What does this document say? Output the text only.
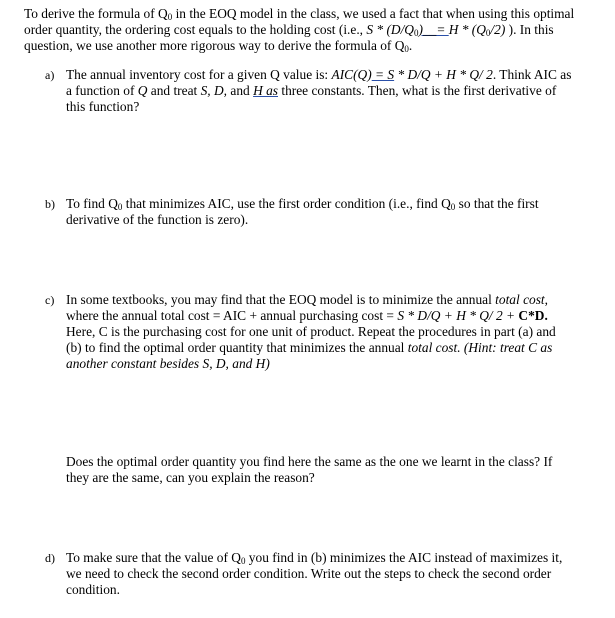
To derive the formula of $Q_0$ in the EOQ model in the class, we used a fact that when using this optimal order quantity, the ordering cost equals to the holding cost (i.e., $S * (D/Q_0)\_\_= H * (Q_0/2)$ ). In this question, we use another more rigorous way to derive the formula of $Q_0$.
a) The annual inventory cost for a given Q value is: AIC(Q) = S * D/Q + H * Q/ 2. Think AIC as a function of Q and treat S, D, and H as three constants. Then, what is the first derivative of this function?
b) To find $Q_0$ that minimizes AIC, use the first order condition (i.e., find $Q_0$ so that the first derivative of the function is zero).
c) In some textbooks, you may find that the EOQ model is to minimize the annual total cost, where the annual total cost = AIC + annual purchasing cost = S * D/Q + H * Q/ 2 + C*D. Here, C is the purchasing cost for one unit of product. Repeat the procedures in part (a) and (b) to find the optimal order quantity that minimizes the annual total cost. (Hint: treat C as another constant besides S, D, and H)
Does the optimal order quantity you find here the same as the one we learnt in the class? If they are the same, can you explain the reason?
d) To make sure that the value of $Q_0$ you find in (b) minimizes the AIC instead of maximizes it, we need to check the second order condition. Write out the steps to check the second order condition.
